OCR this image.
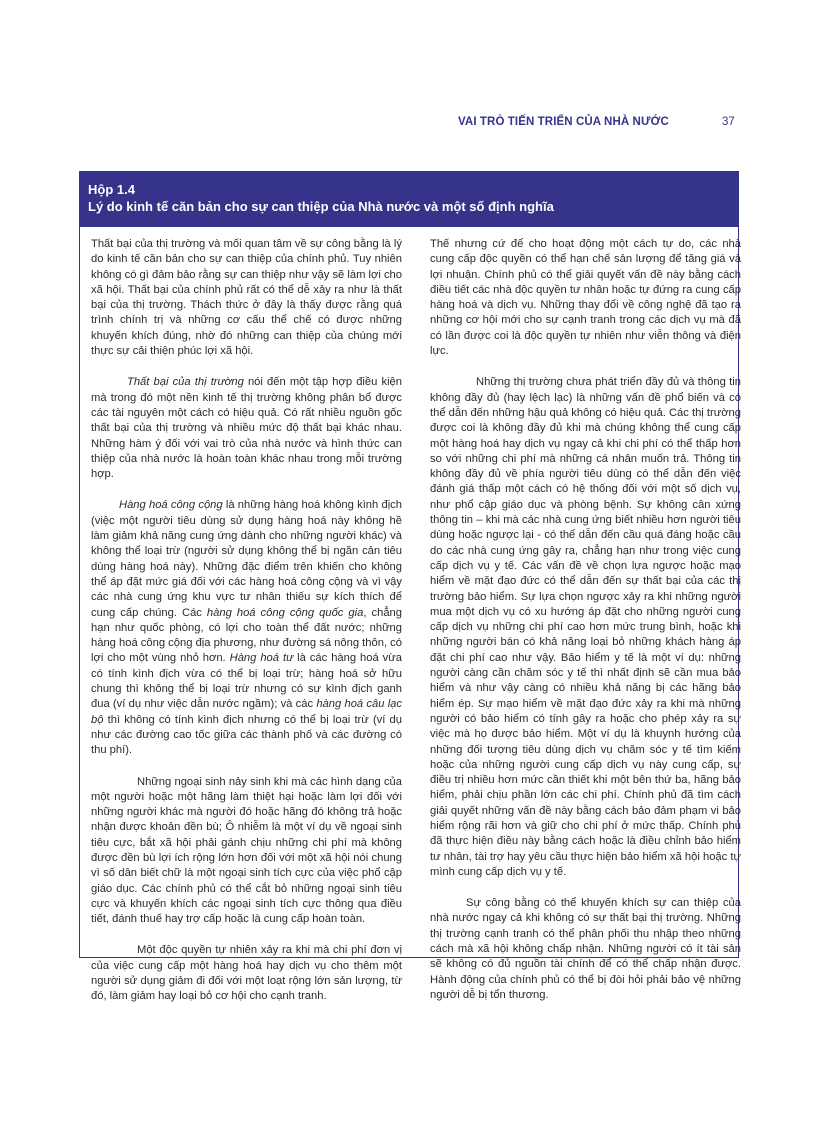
VAI TRÒ TIẾN TRIỂN CỦA NHÀ NƯỚC	37
Hộp 1.4
Lý do kinh tế căn bản cho sự can thiệp của Nhà nước và một số định nghĩa

Thất bại của thị trường và mối quan tâm về sự công bằng là lý do kinh tế căn bản cho sự can thiệp của chính phủ. Tuy nhiên không có gì đảm bảo rằng sự can thiệp như vậy sẽ làm lợi cho xã hội. Thất bại của chính phủ rất có thể dễ xảy ra như là thất bại của thị trường. Thách thức ở đây là thấy được rằng quá trình chính trị và những cơ cấu thể chế có được những khuyến khích đúng, nhờ đó những can thiệp của chúng mới thực sự cải thiện phúc lợi xã hội.

Thất bại của thị trường nói đến một tập hợp điều kiện mà trong đó một nền kinh tế thị trường không phân bổ được các tài nguyên một cách có hiệu quả. Có rất nhiều nguồn gốc thất bại của thị trường và nhiều mức độ thất bại khác nhau. Những hàm ý đối với vai trò của nhà nước và hình thức can thiệp của nhà nước là hoàn toàn khác nhau trong mỗi trường hợp.

Hàng hoá công cộng là những hàng hoá không kình địch (việc một người tiêu dùng sử dụng hàng hoá này không hề làm giảm khả năng cung ứng dành cho những người khác) và không thể loại trừ (người sử dụng không thể bị ngăn cản tiêu dùng hàng hoá này). Những đặc điểm trên khiến cho không thể áp đặt mức giá đối với các hàng hoá công cộng và vì vậy các nhà cung ứng khu vực tư nhân thiếu sự kích thích để cung cấp chúng. Các hàng hoá công cộng quốc gia, chẳng hạn như quốc phòng, có lợi cho toàn thể đất nước; những hàng hoá công cộng địa phương, như đường sá nông thôn, có lợi cho một vùng nhỏ hơn. Hàng hoá tư là các hàng hoá vừa có tính kình địch vừa có thể bị loại trừ; hàng hoá sở hữu chung thì không thể bị loại trừ nhưng có sự kình địch ganh đua (ví dụ như việc dẫn nước ngầm); và các hàng hoá câu lạc bộ thì không có tính kình địch nhưng có thể bị loại trừ (ví dụ như các đường cao tốc giữa các thành phố và các đường có thu phí).

Những ngoại sinh nảy sinh khi mà các hình dạng của một người hoặc một hãng làm thiệt hại hoặc làm lợi đối với những người khác mà người đó hoặc hãng đó không trả hoặc nhận được khoản đền bù; Ô nhiễm là một ví dụ về ngoại sinh tiêu cực, bắt xã hội phải gánh chịu những chi phí mà không được đền bù lợi ích rộng lớn hơn đối với một xã hội nói chung vì số dân biết chữ là một ngoại sinh tích cực của việc phổ cập giáo dục. Các chính phủ có thể cắt bỏ những ngoại sinh tiêu cực và khuyến khích các ngoại sinh tích cực thông qua điều tiết, đánh thuế hay trợ cấp hoặc là cung cấp hoàn toàn.

Một độc quyền tự nhiên xảy ra khi mà chi phí đơn vị của việc cung cấp một hàng hoá hay dịch vụ cho thêm một người sử dụng giảm đi đối với một loạt rộng lớn sản lượng, từ đó, làm giảm hay loại bỏ cơ hội cho cạnh tranh.

Thế nhưng cứ để cho hoạt động một cách tự do, các nhà cung cấp độc quyền có thể hạn chế sản lượng để tăng giá và lợi nhuận. Chính phủ có thể giải quyết vấn đề này bằng cách điều tiết các nhà độc quyền tư nhân hoặc tự đứng ra cung cấp hàng hoá và dịch vụ. Những thay đổi về công nghệ đã tạo ra những cơ hội mới cho sự cạnh tranh trong các dịch vụ mà đã có lần được coi là độc quyền tự nhiên như viễn thông và điện lực.

Những thị trường chưa phát triển đầy đủ và thông tin không đầy đủ (hay lệch lạc) là những vấn đề phổ biến và có thể dẫn đến những hậu quả không có hiệu quả. Các thị trường được coi là không đầy đủ khi mà chúng không thể cung cấp một hàng hoá hay dịch vụ ngay cả khi chi phí có thể thấp hơn so với những chi phí mà những cá nhân muốn trả. Thông tin không đầy đủ về phía người tiêu dùng có thể dẫn đến việc đánh giá thấp một cách có hệ thống đối với một số dịch vụ, như phổ cập giáo dục và phòng bệnh. Sự không cân xứng thông tin – khi mà các nhà cung ứng biết nhiều hơn người tiêu dùng hoặc ngược lại - có thể dẫn đến cầu quá đáng hoặc cầu do các nhà cung ứng gây ra, chẳng hạn như trong việc cung cấp dịch vụ y tế. Các vấn đề về chọn lựa ngược hoặc mạo hiểm về mặt đạo đức có thể dẫn đến sự thất bại của các thị trường bảo hiểm. Sự lựa chọn ngược xảy ra khi những người mua một dịch vụ có xu hướng áp đặt cho những người cung cấp dịch vụ những chi phí cao hơn mức trung bình, hoặc khi những người bán có khả năng loại bỏ những khách hàng áp đặt chi phí cao như vậy. Bảo hiểm y tế là một ví dụ: những người càng cần chăm sóc y tế thì nhất định sẽ cần mua bảo hiểm và như vậy càng có nhiều khả năng bị các hãng bảo hiểm ép. Sự mạo hiểm về mặt đạo đức xảy ra khi mà những người có bảo hiểm có tính gây ra hoặc cho phép xảy ra sự việc mà họ được bảo hiểm. Một ví dụ là khuynh hướng của những đối tượng tiêu dùng dịch vụ chăm sóc y tế tìm kiếm hoặc của những người cung cấp dịch vụ này cung cấp, sự điều trị nhiều hơn mức cần thiết khi một bên thứ ba, hãng bảo hiểm, phải chịu phần lớn các chi phí. Chính phủ đã tìm cách giải quyết những vấn đề này bằng cách bảo đảm phạm vi bảo hiểm rộng rãi hơn và giữ cho chi phí ở mức thấp. Chính phủ đã thực hiện điều này bằng cách hoặc là điều chỉnh bảo hiểm tư nhân, tài trợ hay yêu cầu thực hiện bảo hiểm xã hội hoặc tự mình cung cấp dịch vụ y tế.

Sự công bằng có thể khuyến khích sự can thiệp của nhà nước ngay cả khi không có sự thất bại thị trường. Những thị trường cạnh tranh có thể phân phối thu nhập theo những cách mà xã hội không chấp nhận. Những người có ít tài sản sẽ không có đủ nguồn tài chính để có thể chấp nhận được. Hành động của chính phủ có thể bị đòi hỏi phải bảo vệ những người dễ bị tổn thương.
